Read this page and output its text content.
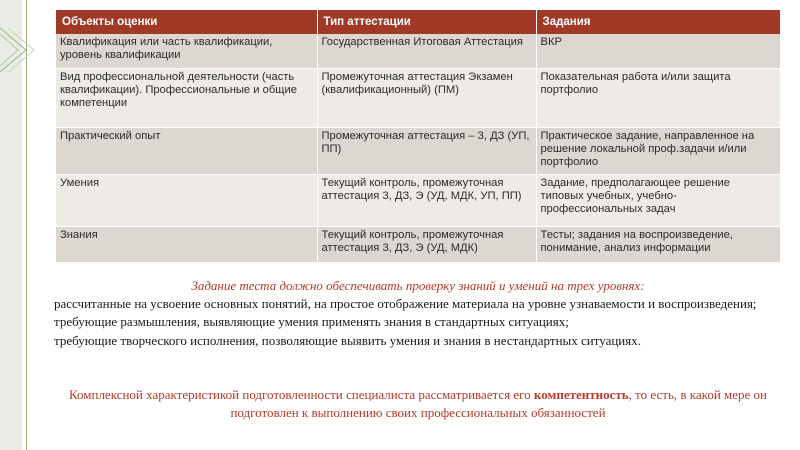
Объекты оценки	Тип аттестации	Задания
Квалификация или часть квалификации, уровень квалификации	Государственная Итоговая Аттестация	ВКР
Вид профессиональной деятельности (часть квалификации). Профессиональные и общие компетенции	Промежуточная аттестация Экзамен (квалификационный) (ПМ)	Показательная работа и/или защита портфолио
Практический опыт	Промежуточная аттестация – 3, ДЗ (УП, ПП)	Практическое задание, направленное на решение локальной проф.задачи и/или портфолио
Умения	Текущий контроль, промежуточная аттестация 3, ДЗ, Э (УД, МДК, УП, ПП)	Задание, предполагающее решение типовых учебных, учебно-профессиональных задач
Знания	Текущий контроль, промежуточная аттестация 3, ДЗ, Э (УД, МДК)	Тесты; задания на воспроизведение, понимание, анализ информации

Задание теста должно обеспечивать проверку знаний и умений на трех уровнях:

рассчитанные на усвоение основных понятий, на простое отображение материала на уровне узнаваемости и воспроизведения;

требующие размышления, выявляющие умения применять знания в стандартных ситуациях;

требующие творческого исполнения, позволяющие выявить умения и знания в нестандартных ситуациях.

Комплексной характеристикой подготовленности специалиста рассматривается его компетентность, то есть, в какой мере он подготовлен к выполнению своих профессиональных обязанностей
